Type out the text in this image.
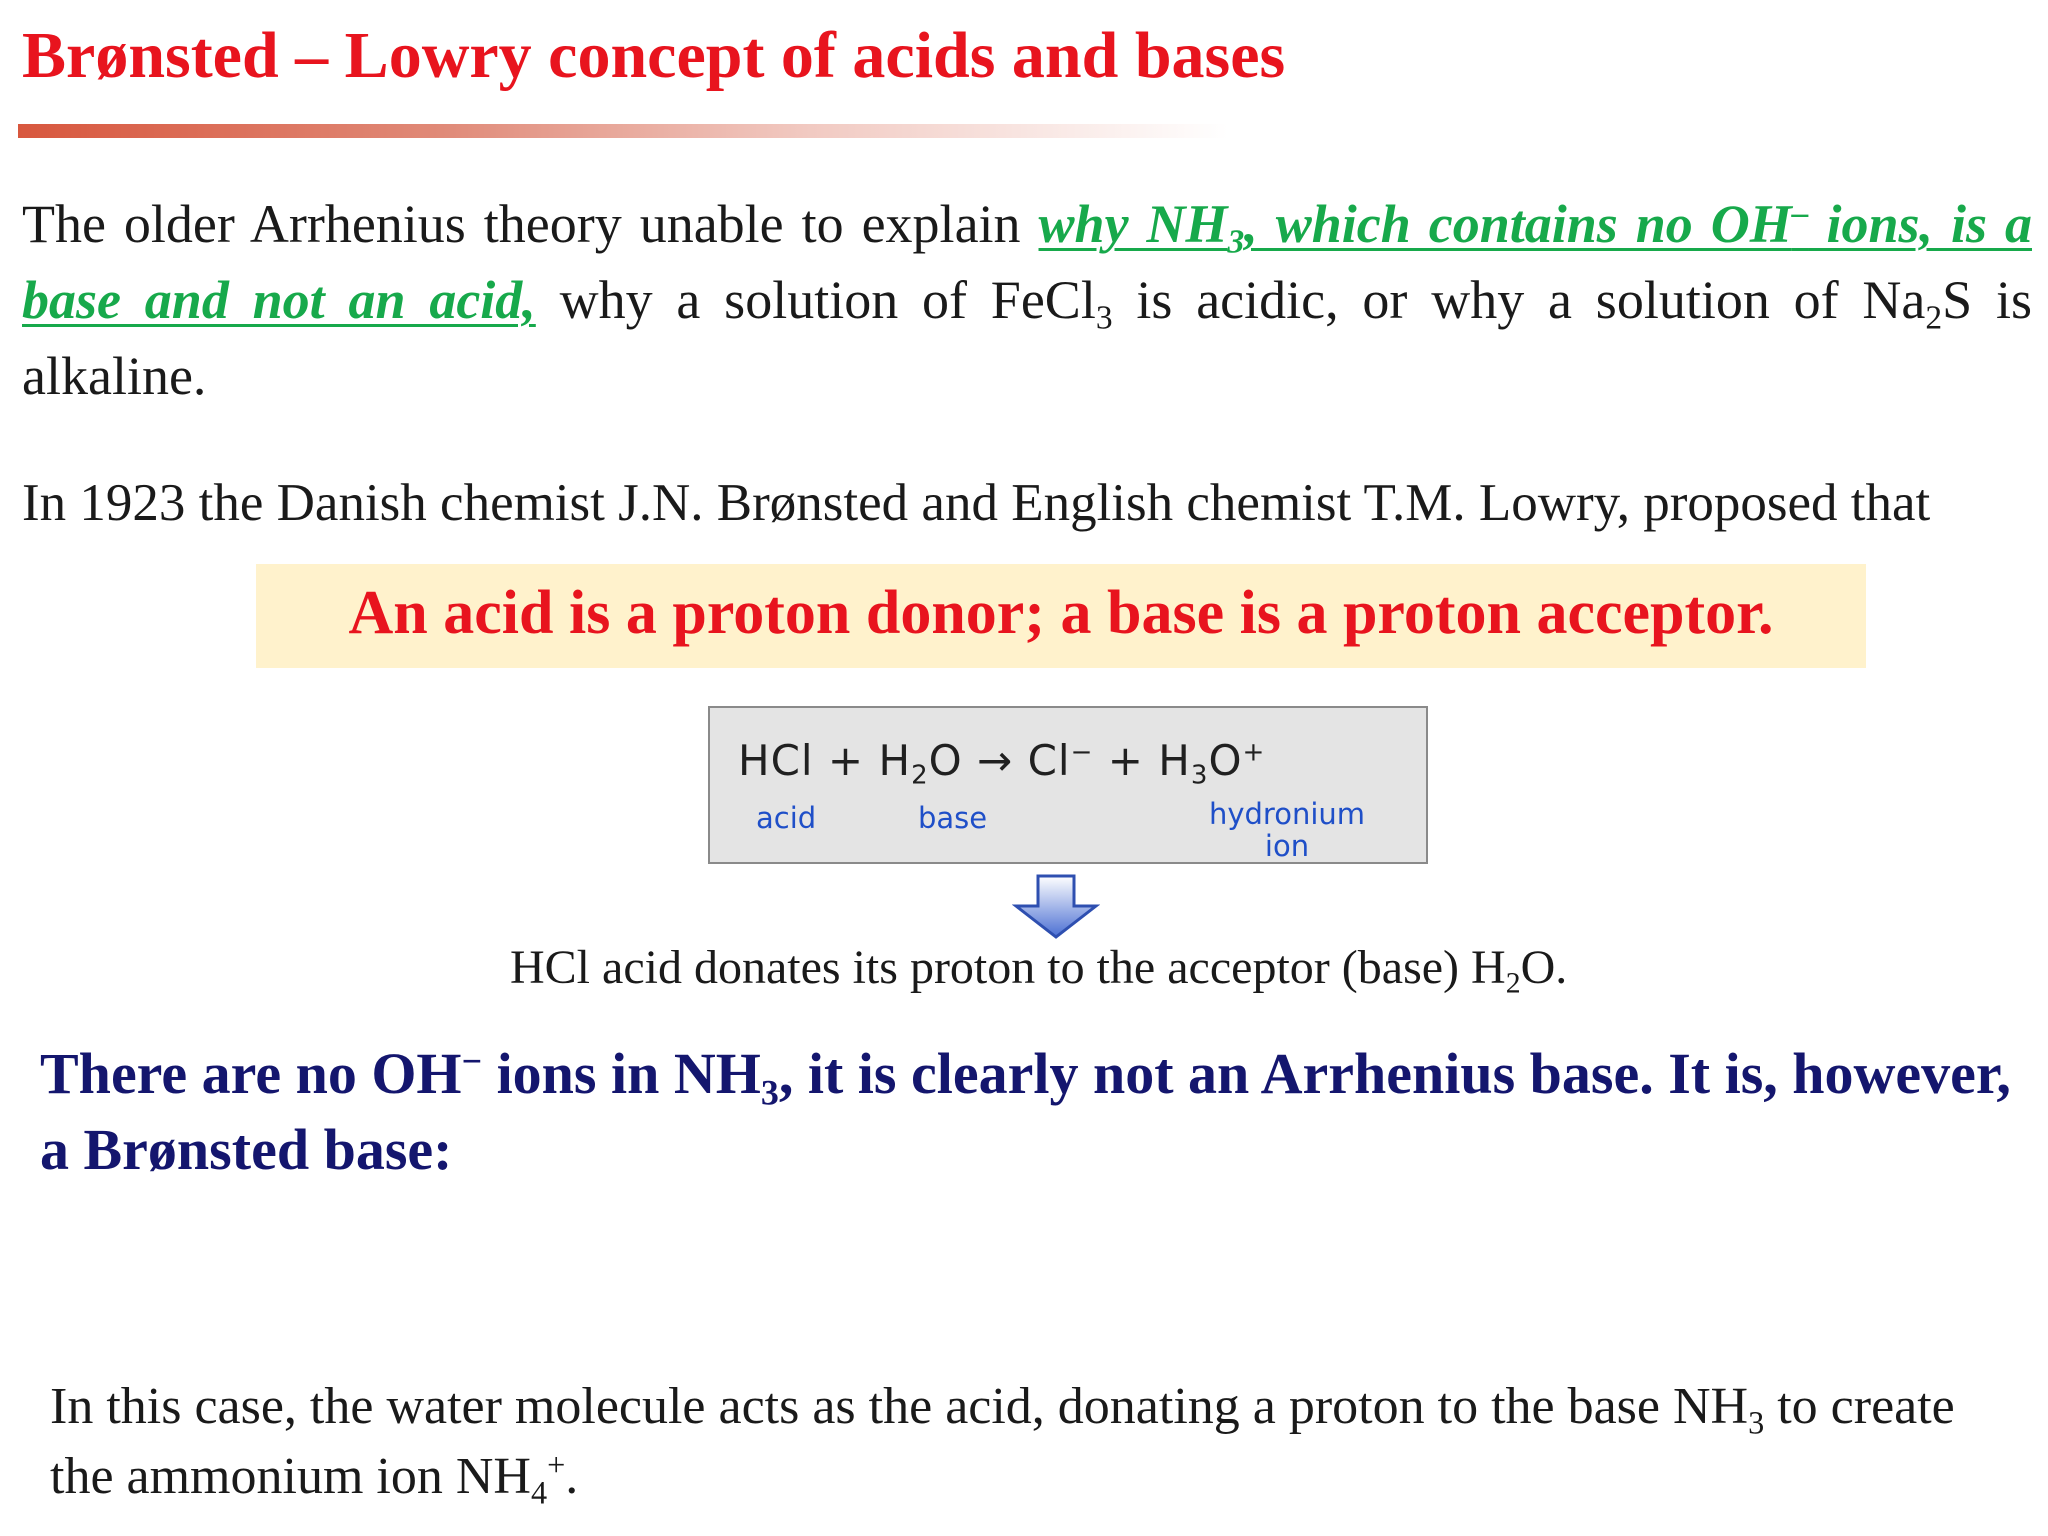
Brønsted – Lowry concept of acids and bases
The older Arrhenius theory unable to explain why $NH_3$, which contains no OH– ions, is a base and not an acid, why a solution of FeCl$_3$ is acidic, or why a solution of $Na_2S$ is alkaline.
In 1923 the Danish chemist J.N. Brønsted and English chemist T.M. Lowry, proposed that
An acid is a proton donor; a base is a proton acceptor.
HCl + $H_2O \to Cl^- + H_3O^+$
acid	base	hydronium
ion
HCl acid donates its proton to the acceptor (base) $H_2O$.
There are no OH− ions in $NH_3$, it is clearly not an Arrhenius base. It is, however, a Brønsted base:
In this case, the water molecule acts as the acid, donating a proton to the base $NH_3$ to create the ammonium ion $NH_4^+$.
